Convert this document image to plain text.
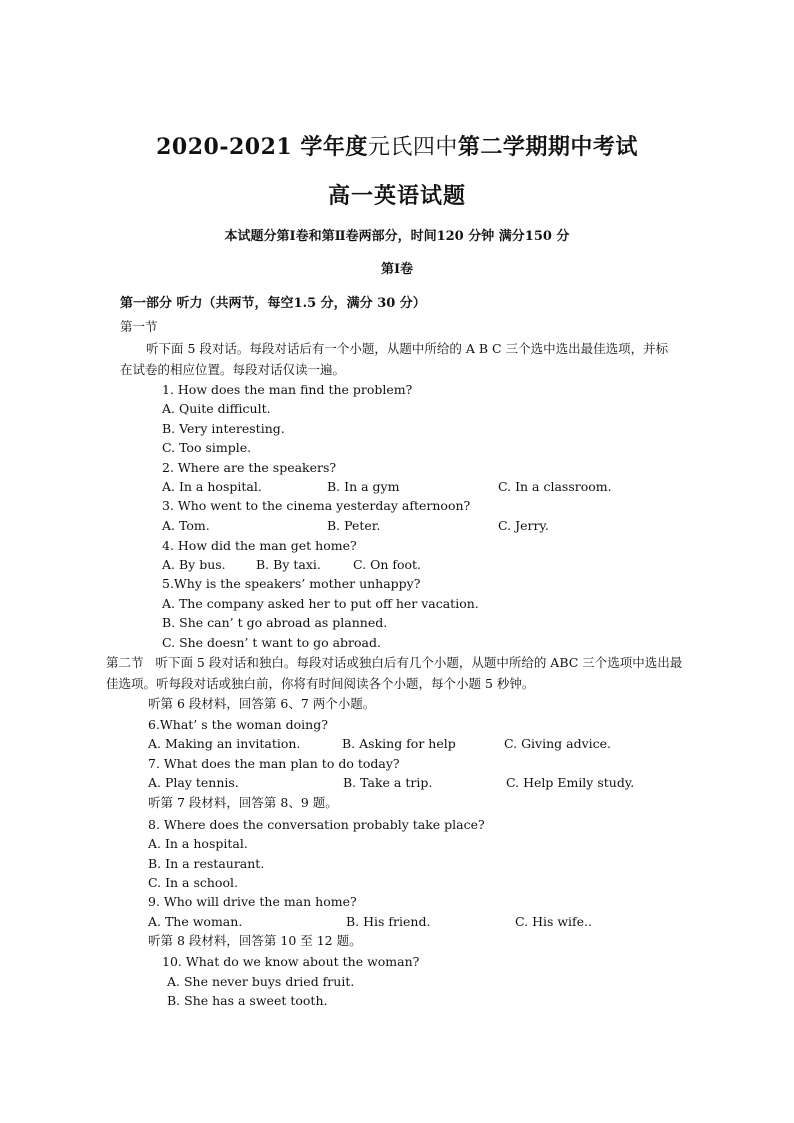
2020-2021 学年度元氏四中第二学期期中考试
高一英语试题
本试题分第Ⅰ卷和第Ⅱ卷两部分，时间120 分钟 满分150 分
第Ⅰ卷
第一部分 听力（共两节，每空1.5 分，满分 30 分）
第一节
听下面 5 段对话。每段对话后有一个小题，从题中所给的 A B C 三个选中选出最佳选项，并标在试卷的相应位置。每段对话仅读一遍。
1. How does the man find the problem?
A. Quite difficult.
B. Very interesting.
C. Too simple.
2. Where are the speakers?
A. In a hospital.	B. In a gym	C. In a classroom.
3. Who went to the cinema yesterday afternoon?
A. Tom.	B. Peter.	C. Jerry.
4. How did the man get home?
A. By bus. B. By taxi.	C. On foot.
5.Why is the speakers’ mother unhappy?
A. The company asked her to put off her vacation.
B. She can’ t go abroad as planned.
C. She doesn’ t want to go abroad.
第二节 听下面 5 段对话和独白。每段对话或独白后有几个小题，从题中所给的 ABC 三个选项中选出最佳选项。听每段对话或独白前，你将有时间阅读各个小题，每个小题 5 秒钟。
听第 6 段材料，回答第 6、7 两个小题。
6.What’ s the woman doing?
A. Making an invitation.	B. Asking for help	C. Giving advice.
7. What does the man plan to do today?
A. Play tennis.	B. Take a trip.	C. Help Emily study.
听第 7 段材料，回答第 8、9 题。
8. Where does the conversation probably take place?
A. In a hospital.
B. In a restaurant.
C. In a school.
9. Who will drive the man home?
A. The woman.	B. His friend.	C. His wife..
听第 8 段材料，回答第 10 至 12 题。
10. What do we know about the woman?
A. She never buys dried fruit.
B. She has a sweet tooth.
